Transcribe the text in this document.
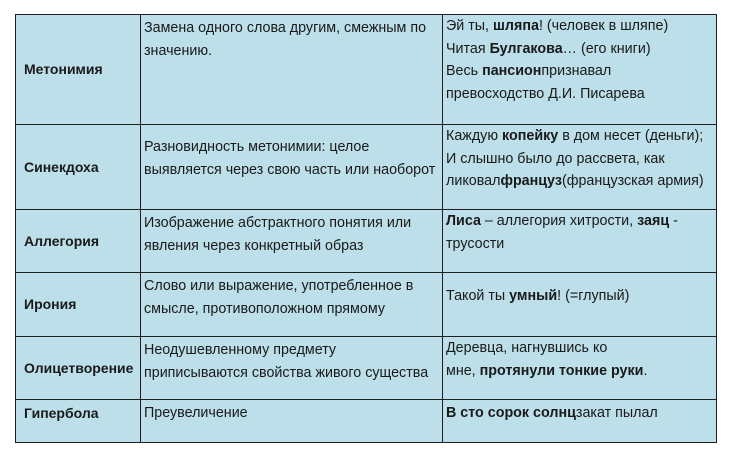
Метонимия	Замена одного слова другим, смежным по значению.	Эй ты, шляпа! (человек в шляпе)
Читая Булгакова… (его книги)
Весь пансионпризнавал
превосходство Д.И. Писарева

Синекдоха	Разновидность метонимии: целое выявляется через свою часть или наоборот	Каждую копейку в дом несет (деньги);
И слышно было до рассвета, как
ликовалфранцуз(французская армия)

Аллегория	Изображение абстрактного понятия или явления через конкретный образ	Лиса – аллегория хитрости, заяц -
трусости

Ирония	Слово или выражение, употребленное в смысле, противоположном прямому	Такой ты умный! (=глупый)

Олицетворение	Неодушевленному предмету приписываются свойства живого существа	Деревца, нагнувшись ко
мне, протянули тонкие руки.

Гипербола	Преувеличение	В сто сорок солнцзакат пылал
